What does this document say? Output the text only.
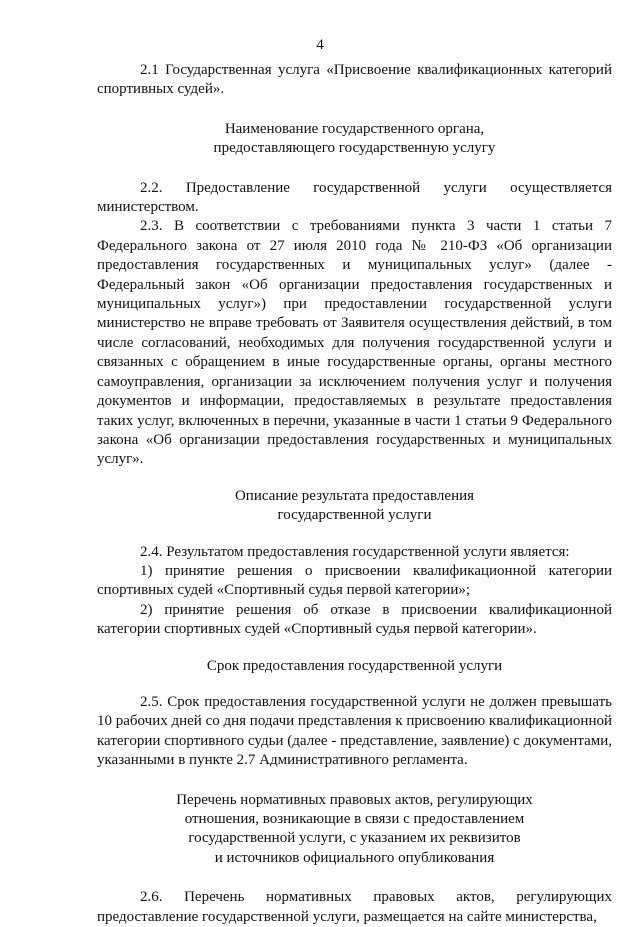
4

2.1 Государственная услуга «Присвоение квалификационных категорий спортивных судей».

Наименование государственного органа,
предоставляющего государственную услугу

2.2. Предоставление государственной услуги осуществляется министерством.

2.3. В соответствии с требованиями пункта 3 части 1 статьи 7 Федерального закона от 27 июля 2010 года № 210-ФЗ «Об организации предоставления государственных и муниципальных услуг» (далее - Федеральный закон «Об организации предоставления государственных и муниципальных услуг») при предоставлении государственной услуги министерство не вправе требовать от Заявителя осуществления действий, в том числе согласований, необходимых для получения государственной услуги и связанных с обращением в иные государственные органы, органы местного самоуправления, организации за исключением получения услуг и получения документов и информации, предоставляемых в результате предоставления таких услуг, включенных в перечни, указанные в части 1 статьи 9 Федерального закона «Об организации предоставления государственных и муниципальных услуг».

Описание результата предоставления
государственной услуги

2.4. Результатом предоставления государственной услуги является:

1) принятие решения о присвоении квалификационной категории спортивных судей «Спортивный судья первой категории»;

2) принятие решения об отказе в присвоении квалификационной категории спортивных судей «Спортивный судья первой категории».

Срок предоставления государственной услуги

2.5. Срок предоставления государственной услуги не должен превышать 10 рабочих дней со дня подачи представления к присвоению квалификационной категории спортивного судьи (далее - представление, заявление) с документами, указанными в пункте 2.7 Административного регламента.

Перечень нормативных правовых актов, регулирующих
отношения, возникающие в связи с предоставлением
государственной услуги, с указанием их реквизитов
и источников официального опубликования

2.6. Перечень нормативных правовых актов, регулирующих предоставление государственной услуги, размещается на сайте министерства,
